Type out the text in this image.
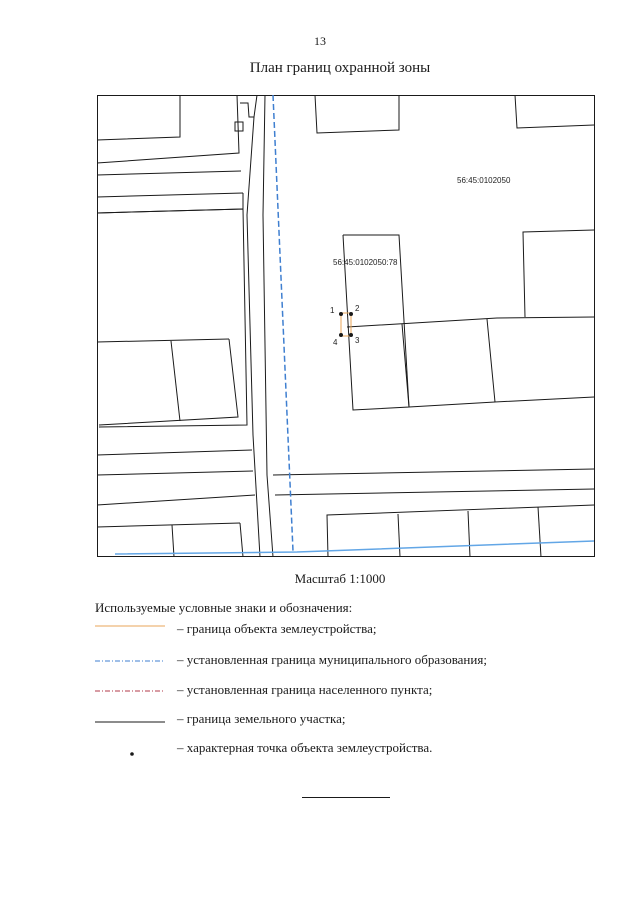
13
План границ охранной зоны
1	2
3
4
56:45:0102050
56:45:0102050:78
Масштаб 1:1000
Используемые условные знаки и обозначения:
– граница объекта землеустройства;
– установленная граница муниципального образования;
– установленная граница населенного пункта;
– граница земельного участка;
– характерная точка объекта землеустройства.
